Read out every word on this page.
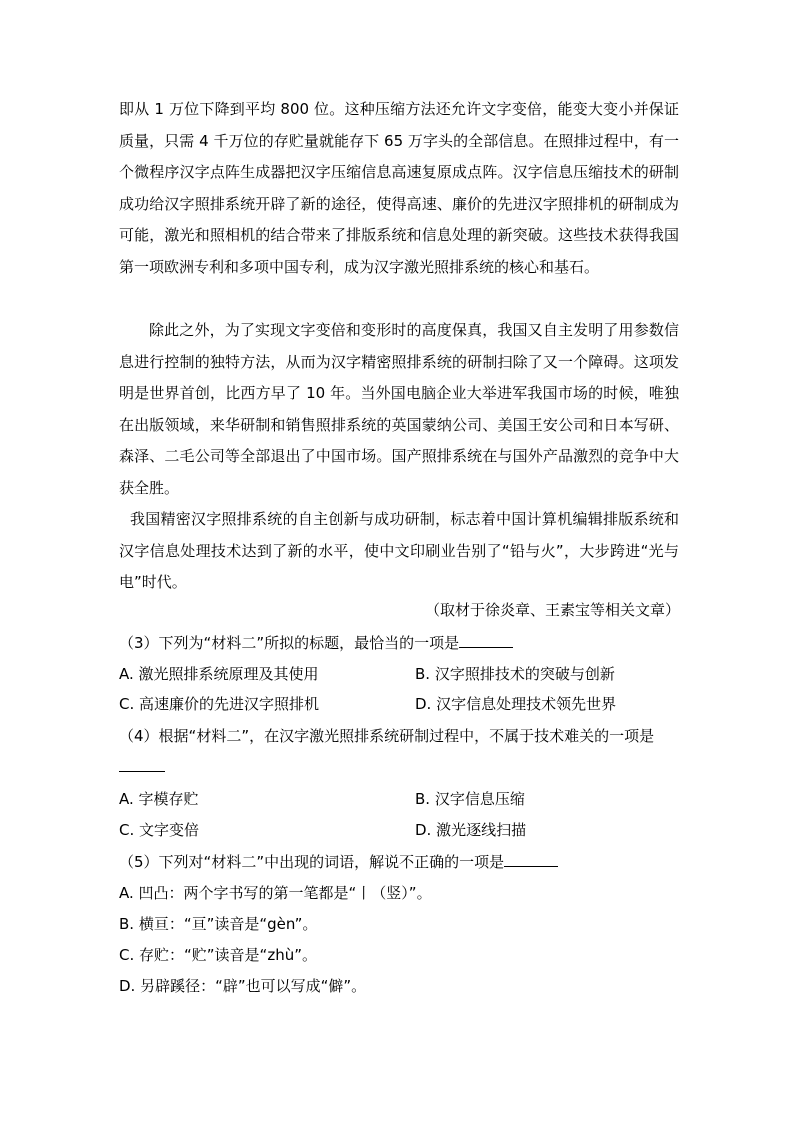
即从 1 万位下降到平均 800 位。这种压缩方法还允许文字变倍，能变大变小并保证质量，只需 4 千万位的存贮量就能存下 65 万字头的全部信息。在照排过程中，有一个微程序汉字点阵生成器把汉字压缩信息高速复原成点阵。汉字信息压缩技术的研制成功给汉字照排系统开辟了新的途径，使得高速、廉价的先进汉字照排机的研制成为可能，激光和照相机的结合带来了排版系统和信息处理的新突破。这些技术获得我国第一项欧洲专利和多项中国专利，成为汉字激光照排系统的核心和基石。

除此之外，为了实现文字变倍和变形时的高度保真，我国又自主发明了用参数信息进行控制的独特方法，从而为汉字精密照排系统的研制扫除了又一个障碍。这项发明是世界首创，比西方早了 10 年。当外国电脑企业大举进军我国市场的时候，唯独在出版领域，来华研制和销售照排系统的英国蒙纳公司、美国王安公司和日本写研、森泽、二毛公司等全部退出了中国市场。国产照排系统在与国外产品激烈的竞争中大获全胜。

我国精密汉字照排系统的自主创新与成功研制，标志着中国计算机编辑排版系统和汉字信息处理技术达到了新的水平，使中文印刷业告别了“铅与火”，大步跨进“光与电”时代。

（取材于徐炎章、王素宝等相关文章）

（3）下列为“材料二”所拟的标题，最恰当的一项是

A. 激光照排系统原理及其使用	B. 汉字照排技术的突破与创新
C. 高速廉价的先进汉字照排机	D. 汉字信息处理技术领先世界

（4）根据“材料二”，在汉字激光照排系统研制过程中，不属于技术难关的一项是

A. 字模存贮	B. 汉字信息压缩
C. 文字变倍	D. 激光逐线扫描

（5）下列对“材料二”中出现的词语，解说不正确的一项是

A. 凹凸：两个字书写的第一笔都是“丨（竖）”。
B. 横亘：“亘”读音是“gèn”。
C. 存贮：“贮”读音是“zhù”。
D. 另辟蹊径：“辟”也可以写成“僻”。
